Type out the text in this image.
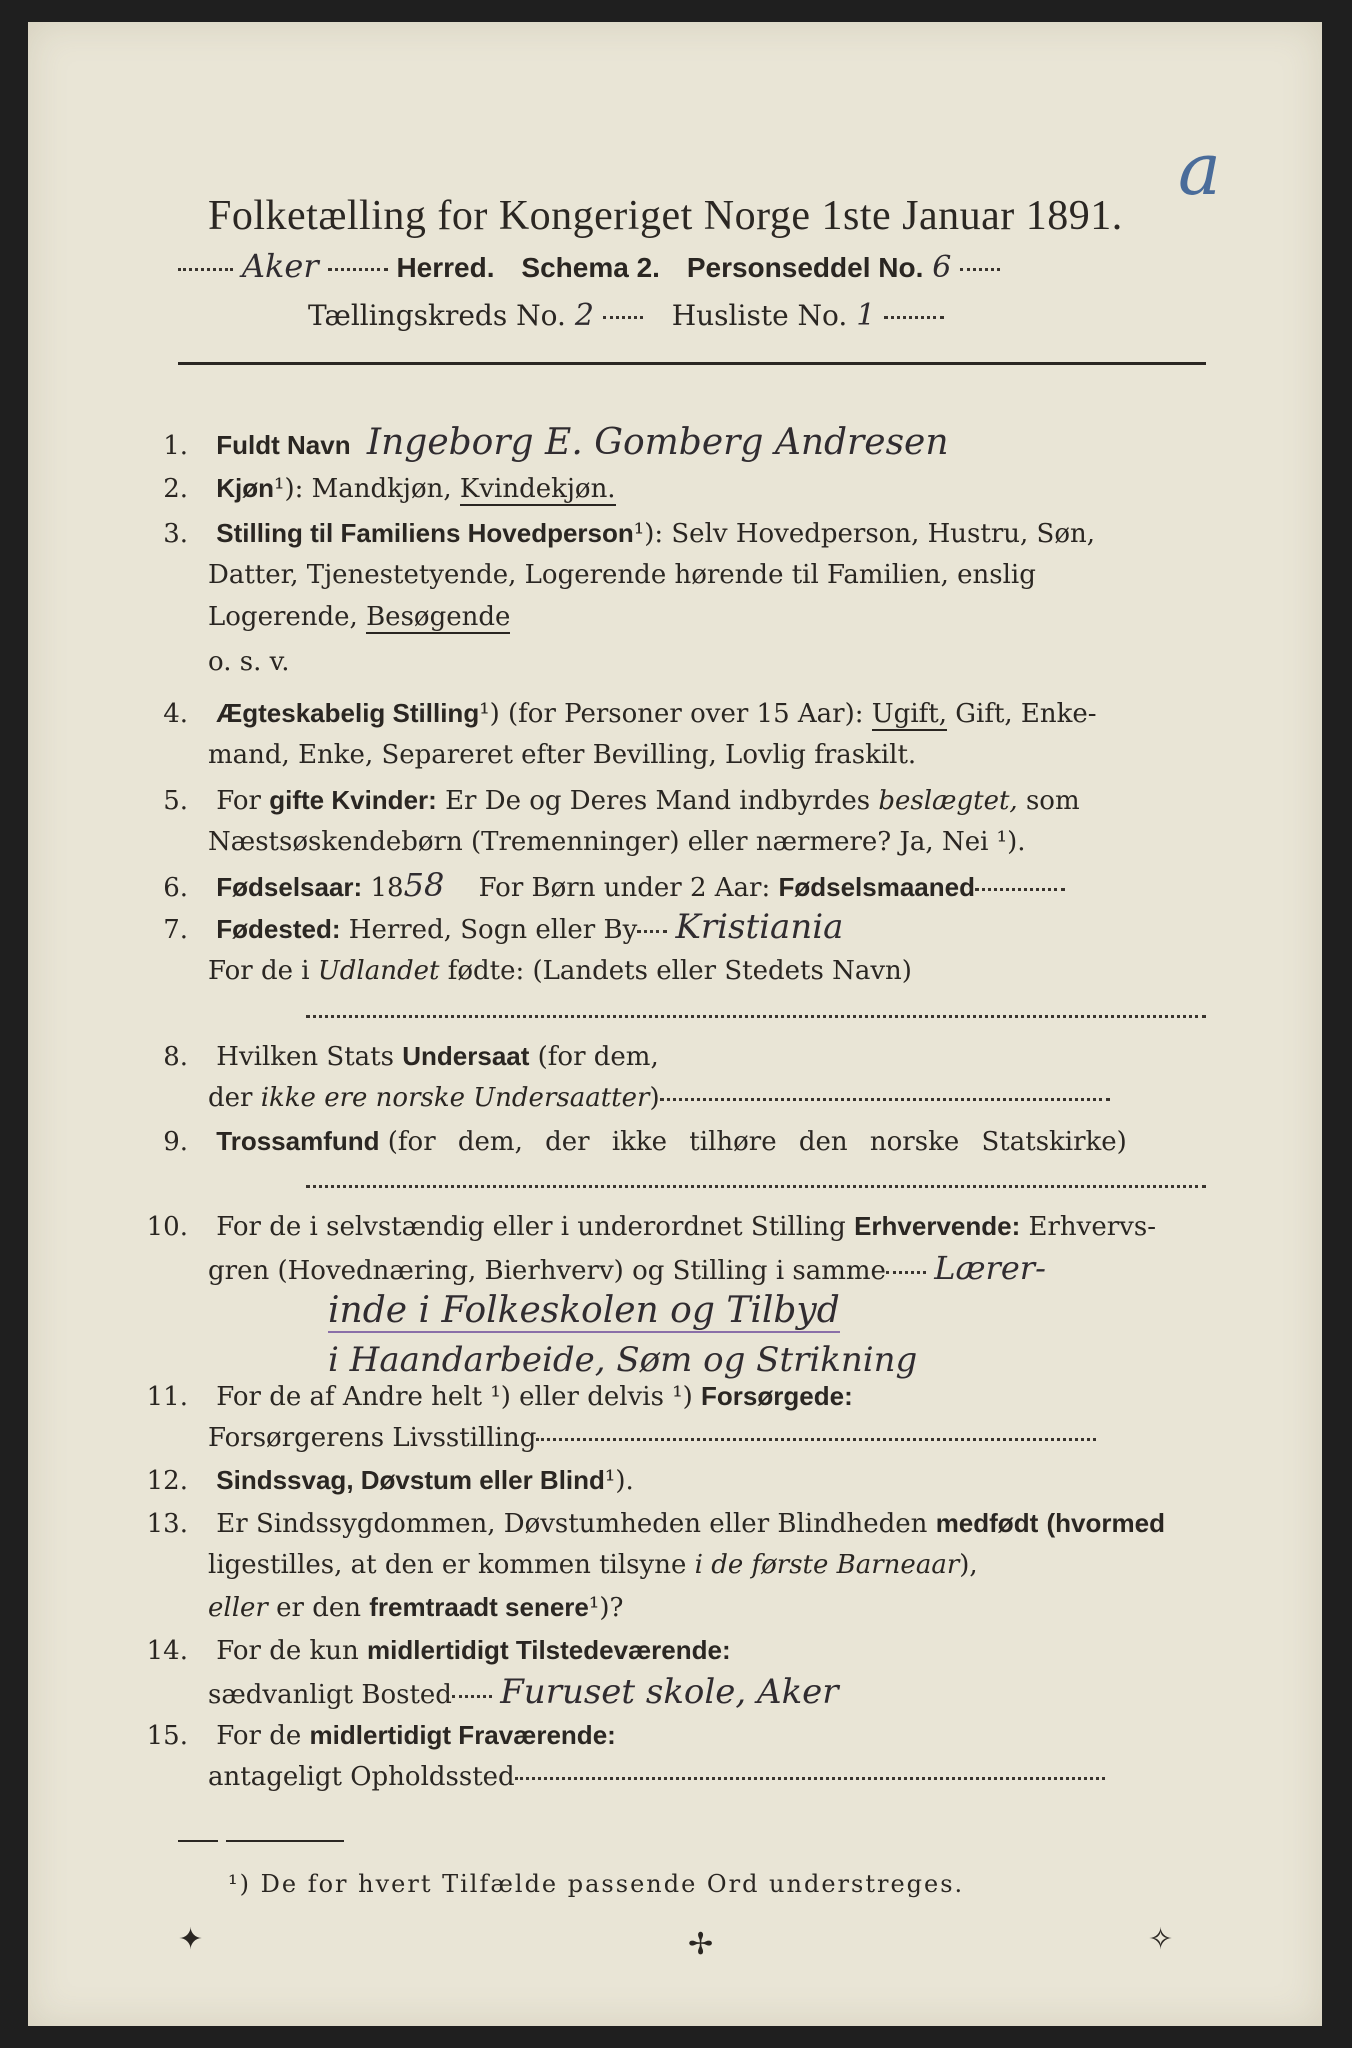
Folketælling for Kongeriget Norge 1ste Januar 1891.
a
Aker	Herred. Schema 2. Personseddel No. 6
Tællingskreds No. 2	Husliste No. 1
1. Fuldt Navn Ingeborg E. Gomberg Andresen
2. Kjøn¹): Mandkjøn, Kvindekjøn.
3. Stilling til Familiens Hovedperson¹): Selv Hovedperson, Hustru, Søn,
Datter, Tjenestetyende, Logerende hørende til Familien, enslig
Logerende, Besøgende
o. s. v.
4. Ægteskabelig Stilling¹) (for Personer over 15 Aar): Ugift, Gift, Enke-
mand, Enke, Separeret efter Bevilling, Lovlig fraskilt.
5. For gifte Kvinder: Er De og Deres Mand indbyrdes beslægtet, som
Næstsøskendebørn (Tremenninger) eller nærmere? Ja, Nei ¹).
6. Fødselsaar: 1858 For Børn under 2 Aar: Fødselsmaaned
7. Fødested: Herred, Sogn eller By Kristiania
For de i Udlandet fødte: (Landets eller Stedets Navn)
8. Hvilken Stats Undersaat (for dem,
der ikke ere norske Undersaatter)
9. Trossamfund (for dem, der ikke tilhøre den norske Statskirke)
10. For de i selvstændig eller i underordnet Stilling Erhvervende: Erhvervs-
gren (Hovednæring, Bierhverv) og Stilling i samme Lærer-
inde i Folkeskolen og Tilbyd
i Haandarbeide, Søm og Strikning
11. For de af Andre helt ¹) eller delvis ¹) Forsørgede:
Forsørgerens Livsstilling
12. Sindssvag, Døvstum eller Blind¹).
13. Er Sindssygdommen, Døvstumheden eller Blindheden medfødt (hvormed
ligestilles, at den er kommen tilsyne i de første Barneaar),
eller er den fremtraadt senere¹)?
14. For de kun midlertidigt Tilstedeværende:
sædvanligt Bosted Furuset skole, Aker
15. For de midlertidigt Fraværende:
antageligt Opholdssted
¹) De for hvert Tilfælde passende Ord understreges.
✦	✢	✧
